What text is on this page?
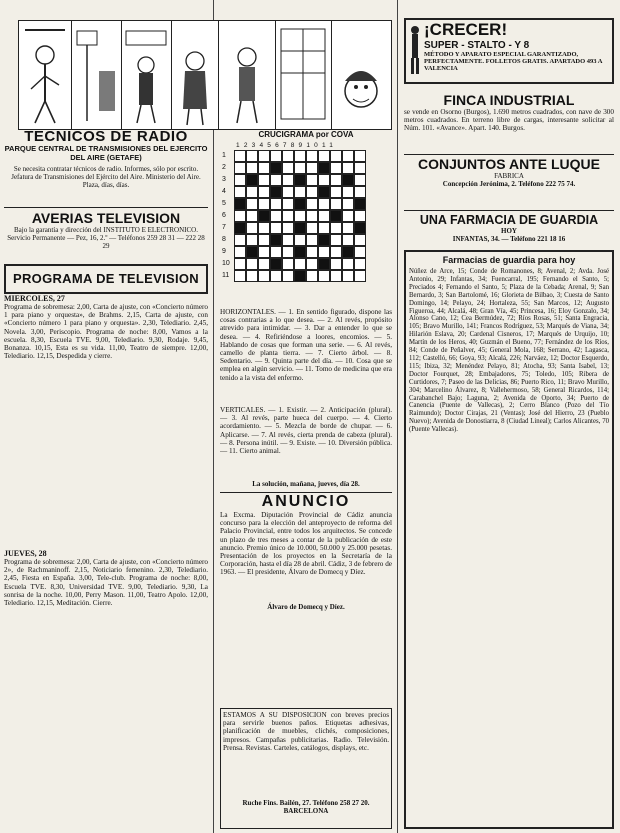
TECNICOS DE RADIO
PARQUE CENTRAL DE TRANSMISIONES DEL EJERCITO DEL AIRE (GETAFE)
Se necesita contratar técnicos de radio. Informes, sólo por escrito. Jefatura de Transmisiones del Ejército del Aire. Ministerio del Aire. Plaza, días, días.
AVERIAS TELEVISION
Bajo la garantía y dirección del INSTITUTO E ELECTRONICO. Servicio Permanente — Pez, 16, 2.º — Teléfonos 259 28 31 — 222 28 29
PROGRAMA DE TELEVISION
MIERCOLES, 27
Programa de sobremesa: 2,00, Carta de ajuste, con «Concierto número 1 para piano y orquesta», de Brahms. 2,15, Carta de ajuste, con «Concierto número 1 para piano y orquesta». 2,30, Telediario. 2,45, Novela. 3,00, Periscopio. Programa de noche: 8,00, Vamos a la escuela. 8,30, Escuela TVE. 9,00, Telediario. 9,30, Rodaje. 9,45, Bonanza. 10,15, Esta es su vida. 11,00, Teatro de siempre. 12,00, Telediario. 12,15, Despedida y cierre.
JUEVES, 28
Programa de sobremesa: 2,00, Carta de ajuste, con «Concierto número 2», de Rachmaninoff. 2,15, Noticiario femenino. 2,30, Telediario. 2,45, Fiesta en España. 3,00, Tele-club. Programa de noche: 8,00, Escuela TVE. 8,30, Universidad TVE. 9,00, Telediario. 9,30, La sonrisa de la noche. 10,00, Perry Mason. 11,00, Teatro Apolo. 12,00, Telediario. 12,15, Meditación. Cierre.
CRUCIGRAMA por COVA
1234567891011
1
2
3
4
5
6
7
8
9
10
11
HORIZONTALES. — 1. En sentido figurado, dispone las cosas contrarias a lo que desea. — 2. Al revés, propósito atrevido para intimidar. — 3. Dar a entender lo que se desea. — 4. Refiriéndose a loores, encomios. — 5. Hablando de cosas que forman una serie. — 6. Al revés, camello de planta tierra. — 7. Cierto árbol. — 8. Sedentario. — 9. Quinta parte del día. — 10. Cosa que se emplea en algún servicio. — 11. Tomo de medicina que era tenido a la vista del enfermo.
VERTICALES. — 1. Existir. — 2. Anticipación (plural). — 3. Al revés, parte hueca del cuerpo. — 4. Cierto acordamiento. — 5. Mezcla de borde de chupar. — 6. Aplicarse. — 7. Al revés, cierta prenda de cabeza (plural). — 8. Persona inútil. — 9. Existe. — 10. Diversión pública. — 11. Cierto animal.
La solución, mañana, jueves, día 28.
ANUNCIO
La Excma. Diputación Provincial de Cádiz anuncia concurso para la elección del anteproyecto de reforma del Palacio Provincial, entre todos los arquitectos. Se concede un plazo de tres meses a contar de la publicación de este anuncio. Premio único de 10.000, 50.000 y 25.000 pesetas. Presentación de los proyectos en la Secretaría de la Corporación, hasta el día 28 de abril. Cádiz, 3 de febrero de 1963. — El presidente, Álvaro de Domecq y Díez.
Álvaro de Domecq y Díez.
ESTAMOS A SU DISPOSICION con breves precios para servirle buenos paños. Etiquetas adhesivas, planificación de muebles, clichés, composiciones, impresos. Campañas publicitarias. Radio. Televisión. Prensa. Revistas. Carteles, catálogos, displays, etc.
Ruche Fins. Bailén, 27. Teléfono 258 27 20. BARCELONA
¡CRECER!
SUPER - STALTO - Y 8
MÉTODO Y APARATO ESPECIAL GARANTIZADO, PERFECTAMENTE. FOLLETOS GRATIS. APARTADO 493 A VALENCIA
FINCA INDUSTRIAL
se vende en Osorno (Burgos), 1.690 metros cuadrados, con nave de 300 metros cuadrados. En terreno libre de cargas, interesante solicitar al Núm. 101. «Avance». Apart. 140. Burgos.
CONJUNTOS ANTE LUQUE
FABRICA
Concepción Jerónima, 2. Teléfono 222 75 74.
UNA FARMACIA DE GUARDIA
HOY
INFANTAS, 34. — Teléfono 221 18 16
Farmacias de guardia para hoy
Núñez de Arce, 15; Conde de Romanones, 8; Avenal, 2; Avda. José Antonio, 29; Infantas, 34; Fuencarral, 195; Fernando el Santo, 5; Preciados 4; Fernando el Santo, 5; Plaza de la Cebada; Arenal, 9; San Bernardo, 3; San Bartolomé, 16; Glorieta de Bilbao, 3; Cuesta de Santo Domingo, 14; Pelayo, 24; Hortaleza, 55; San Marcos, 12; Augusto Figueroa, 44; Alcalá, 48; Gran Vía, 45; Princesa, 16; Eloy Gonzalo, 34; Alonso Cano, 12; Cea Bermúdez, 72; Ríos Rosas, 51; Santa Engracia, 105; Bravo Murillo, 141; Francos Rodríguez, 53; Marqués de Viana, 34; Hilarión Eslava, 20; Cardenal Cisneros, 17; Marqués de Urquijo, 10; Martín de los Heros, 40; Guzmán el Bueno, 77; Fernández de los Ríos, 84; Conde de Peñalver, 45; General Mola, 168; Serrano, 42; Lagasca, 112; Castelló, 66; Goya, 93; Alcalá, 226; Narváez, 12; Doctor Esquerdo, 115; Ibiza, 32; Menéndez Pelayo, 81; Atocha, 93; Santa Isabel, 13; Doctor Fourquet, 28; Embajadores, 75; Toledo, 105; Ribera de Curtidores, 7; Paseo de las Delicias, 86; Puerto Rico, 11; Bravo Murillo, 304; Marcelino Álvarez, 8; Vallehermoso, 58; General Ricardos, 114; Carabanchel Bajo; Laguna, 2; Avenida de Oporto, 34; Puerto de Canencia (Puente de Vallecas), 2; Cerro Blanco (Pozo del Tío Raimundo); Doctor Cirajas, 21 (Ventas); José del Hierro, 23 (Pueblo Nuevo); Avenida de Donostiarra, 8 (Ciudad Lineal); Carlos Alicantes, 70 (Puente Vallecas).
